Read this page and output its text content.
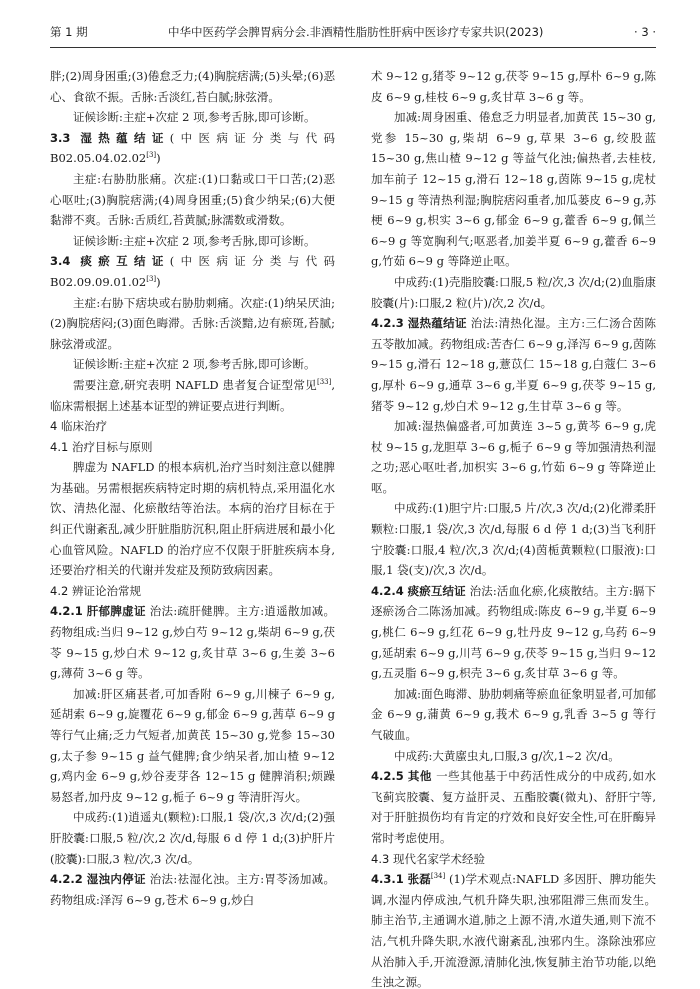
第 1 期	中华中医药学会脾胃病分会.非酒精性脂肪性肝病中医诊疗专家共识(2023)	· 3 ·

胖;(2)周身困重;(3)倦怠乏力;(4)胸脘痞满;(5)头晕;(6)恶心、食欲不振。舌脉:舌淡红,苔白腻;脉弦滑。

证候诊断:主症+次症 2 项,参考舌脉,即可诊断。

3.3 湿热蕴结证(中医病证分类与代码 B02.05.04.02.02[3])

主症:右胁肋胀痛。次症:(1)口黏或口干口苦;(2)恶心呕吐;(3)胸脘痞满;(4)周身困重;(5)食少纳呆;(6)大便黏滞不爽。舌脉:舌质红,苔黄腻;脉濡数或滑数。

证候诊断:主症+次症 2 项,参考舌脉,即可诊断。

3.4 痰瘀互结证(中医病证分类与代码 B02.09.09.01.02[3])

主症:右胁下痞块或右胁肋刺痛。次症:(1)纳呆厌油;(2)胸脘痞闷;(3)面色晦滞。舌脉:舌淡黯,边有瘀斑,苔腻;脉弦滑或涩。

证候诊断:主症+次症 2 项,参考舌脉,即可诊断。

需要注意,研究表明 NAFLD 患者复合证型常见[33],临床需根据上述基本证型的辨证要点进行判断。

4 临床治疗

4.1 治疗目标与原则

脾虚为 NAFLD 的根本病机,治疗当时刻注意以健脾为基础。另需根据疾病特定时期的病机特点,采用温化水饮、清热化湿、化瘀散结等治法。本病的治疗目标在于纠正代谢紊乱,减少肝脏脂肪沉积,阻止肝病进展和最小化心血管风险。NAFLD 的治疗应不仅限于肝脏疾病本身,还要治疗相关的代谢并发症及预防致病因素。

4.2 辨证论治常规

4.2.1 肝郁脾虚证 治法:疏肝健脾。主方:逍遥散加减。药物组成:当归 9~12 g,炒白芍 9~12 g,柴胡 6~9 g,茯苓 9~15 g,炒白术 9~12 g,炙甘草 3~6 g,生姜 3~6 g,薄荷 3~6 g 等。

加减:肝区痛甚者,可加香附 6~9 g,川楝子 6~9 g,延胡索 6~9 g,旋覆花 6~9 g,郁金 6~9 g,茜草 6~9 g 等行气止痛;乏力气短者,加黄芪 15~30 g,党参 15~30 g,太子参 9~15 g 益气健脾;食少纳呆者,加山楂 9~12 g,鸡内金 6~9 g,炒谷麦芽各 12~15 g 健脾消积;烦躁易怒者,加丹皮 9~12 g,栀子 6~9 g 等清肝泻火。

中成药:(1)逍遥丸(颗粒):口服,1 袋/次,3 次/d;(2)强肝胶囊:口服,5 粒/次,2 次/d,每服 6 d 停 1 d;(3)护肝片(胶囊):口服,3 粒/次,3 次/d。

4.2.2 湿浊内停证 治法:祛湿化浊。主方:胃苓汤加减。药物组成:泽泻 6~9 g,苍术 6~9 g,炒白

术 9~12 g,猪苓 9~12 g,茯苓 9~15 g,厚朴 6~9 g,陈皮 6~9 g,桂枝 6~9 g,炙甘草 3~6 g 等。

加减:周身困重、倦怠乏力明显者,加黄芪 15~30 g,党参 15~30 g,柴胡 6~9 g,草果 3~6 g,绞股蓝 15~30 g,焦山楂 9~12 g 等益气化浊;偏热者,去桂枝,加车前子 12~15 g,滑石 12~18 g,茵陈 9~15 g,虎杖 9~15 g 等清热利湿;胸脘痞闷重者,加瓜蒌皮 6~9 g,苏梗 6~9 g,枳实 3~6 g,郁金 6~9 g,藿香 6~9 g,佩兰 6~9 g 等宽胸利气;呕恶者,加姜半夏 6~9 g,藿香 6~9 g,竹茹 6~9 g 等降逆止呕。

中成药:(1)壳脂胶囊:口服,5 粒/次,3 次/d;(2)血脂康胶囊(片):口服,2 粒(片)/次,2 次/d。

4.2.3 湿热蕴结证 治法:清热化湿。主方:三仁汤合茵陈五苓散加减。药物组成:苦杏仁 6~9 g,泽泻 6~9 g,茵陈 9~15 g,滑石 12~18 g,薏苡仁 15~18 g,白蔻仁 3~6 g,厚朴 6~9 g,通草 3~6 g,半夏 6~9 g,茯苓 9~15 g,猪苓 9~12 g,炒白术 9~12 g,生甘草 3~6 g 等。

加减:湿热偏盛者,可加黄连 3~5 g,黄芩 6~9 g,虎杖 9~15 g,龙胆草 3~6 g,栀子 6~9 g 等加强清热利湿之功;恶心呕吐者,加枳实 3~6 g,竹茹 6~9 g 等降逆止呕。

中成药:(1)胆宁片:口服,5 片/次,3 次/d;(2)化滞柔肝颗粒:口服,1 袋/次,3 次/d,每服 6 d 停 1 d;(3)当飞利肝宁胶囊:口服,4 粒/次,3 次/d;(4)茵栀黄颗粒(口服液):口服,1 袋(支)/次,3 次/d。

4.2.4 痰瘀互结证 治法:活血化瘀,化痰散结。主方:膈下逐瘀汤合二陈汤加减。药物组成:陈皮 6~9 g,半夏 6~9 g,桃仁 6~9 g,红花 6~9 g,牡丹皮 9~12 g,乌药 6~9 g,延胡索 6~9 g,川芎 6~9 g,茯苓 9~15 g,当归 9~12 g,五灵脂 6~9 g,枳壳 3~6 g,炙甘草 3~6 g 等。

加减:面色晦滞、胁肋刺痛等瘀血征象明显者,可加郁金 6~9 g,蒲黄 6~9 g,莪术 6~9 g,乳香 3~5 g 等行气破血。

中成药:大黄䗪虫丸,口服,3 g/次,1~2 次/d。

4.2.5 其他 一些其他基于中药活性成分的中成药,如水飞蓟宾胶囊、复方益肝灵、五酯胶囊(微丸)、舒肝宁等,对于肝脏损伤均有肯定的疗效和良好安全性,可在肝酶异常时考虑使用。

4.3 现代名家学术经验

4.3.1 张磊[34] (1)学术观点:NAFLD 多因肝、脾功能失调,水湿内停成浊,气机升降失职,浊邪阻滞三焦而发生。肺主治节,主通调水道,肺之上源不清,水道失通,则下流不洁,气机升降失职,水液代谢紊乱,浊邪内生。涤除浊邪应从治肺入手,开流澄源,清肺化浊,恢复肺主治节功能,以绝生浊之源。
